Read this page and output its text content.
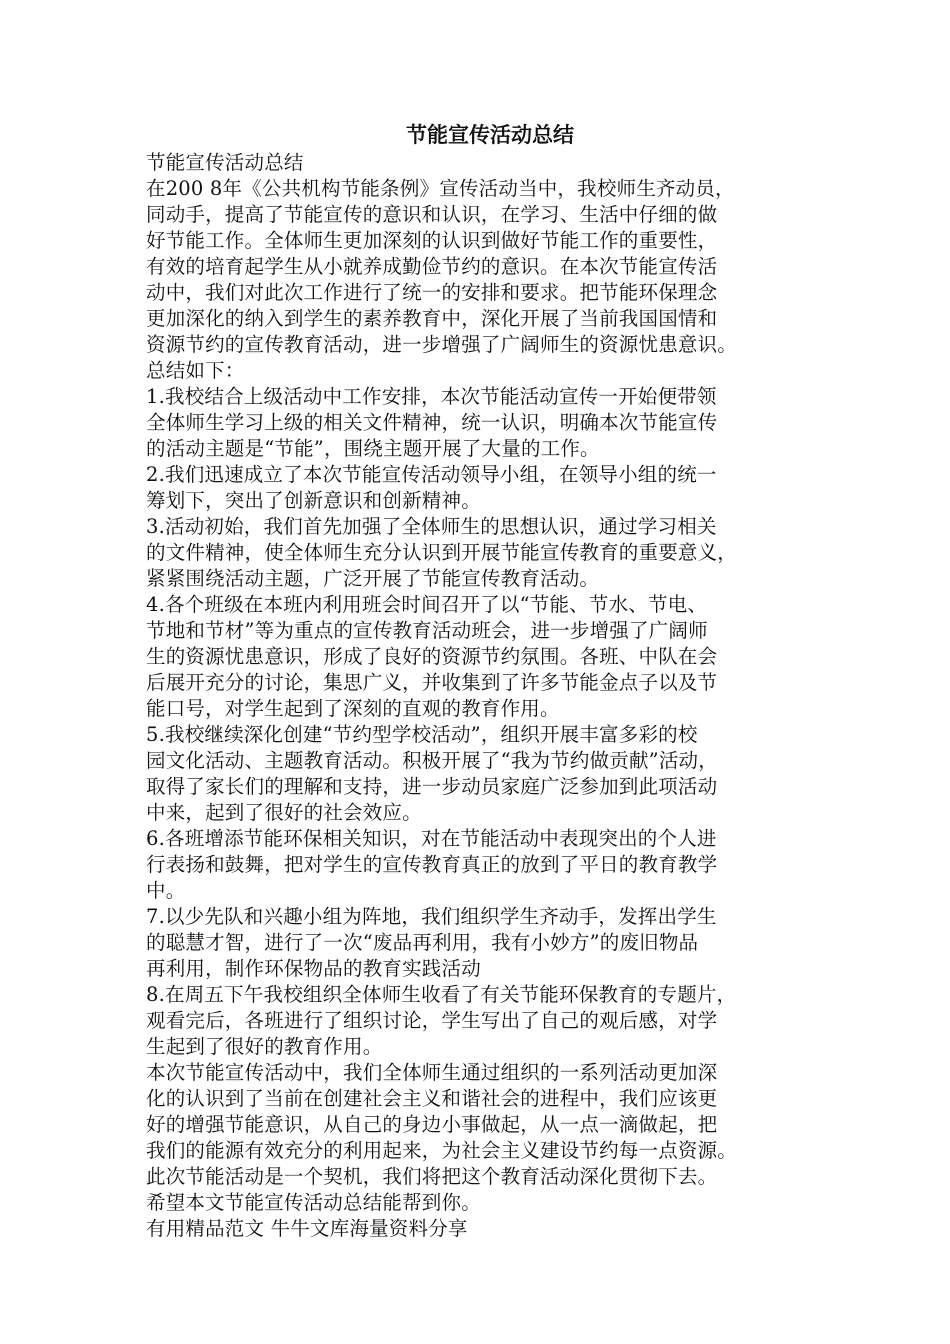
节能宣传活动总结
节能宣传活动总结
在200 8年《公共机构节能条例》宣传活动当中，我校师生齐动员，
同动手，提高了节能宣传的意识和认识，在学习、生活中仔细的做
好节能工作。全体师生更加深刻的认识到做好节能工作的重要性，
有效的培育起学生从小就养成勤俭节约的意识。在本次节能宣传活
动中，我们对此次工作进行了统一的安排和要求。把节能环保理念
更加深化的纳入到学生的素养教育中，深化开展了当前我国国情和
资源节约的宣传教育活动，进一步增强了广阔师生的资源忧患意识。
总结如下：
1.我校结合上级活动中工作安排，本次节能活动宣传一开始便带领
全体师生学习上级的相关文件精神，统一认识，明确本次节能宣传
的活动主题是“节能”，围绕主题开展了大量的工作。
2.我们迅速成立了本次节能宣传活动领导小组，在领导小组的统一
筹划下，突出了创新意识和创新精神。
3.活动初始，我们首先加强了全体师生的思想认识，通过学习相关
的文件精神，使全体师生充分认识到开展节能宣传教育的重要意义，
紧紧围绕活动主题，广泛开展了节能宣传教育活动。
4.各个班级在本班内利用班会时间召开了以“节能、节水、节电、
节地和节材”等为重点的宣传教育活动班会，进一步增强了广阔师
生的资源忧患意识，形成了良好的资源节约氛围。各班、中队在会
后展开充分的讨论，集思广义，并收集到了许多节能金点子以及节
能口号，对学生起到了深刻的直观的教育作用。
5.我校继续深化创建“节约型学校活动”，组织开展丰富多彩的校
园文化活动、主题教育活动。积极开展了“我为节约做贡献”活动，
取得了家长们的理解和支持，进一步动员家庭广泛参加到此项活动
中来，起到了很好的社会效应。
6.各班增添节能环保相关知识，对在节能活动中表现突出的个人进
行表扬和鼓舞，把对学生的宣传教育真正的放到了平日的教育教学
中。
7.以少先队和兴趣小组为阵地，我们组织学生齐动手，发挥出学生
的聪慧才智，进行了一次“废品再利用，我有小妙方”的废旧物品
再利用，制作环保物品的教育实践活动
8.在周五下午我校组织全体师生收看了有关节能环保教育的专题片，
观看完后，各班进行了组织讨论，学生写出了自己的观后感，对学
生起到了很好的教育作用。
本次节能宣传活动中，我们全体师生通过组织的一系列活动更加深
化的认识到了当前在创建社会主义和谐社会的进程中，我们应该更
好的增强节能意识，从自己的身边小事做起，从一点一滴做起，把
我们的能源有效充分的利用起来，为社会主义建设节约每一点资源。
此次节能活动是一个契机，我们将把这个教育活动深化贯彻下去。
希望本文节能宣传活动总结能帮到你。
有用精品范文 牛牛文库海量资料分享
